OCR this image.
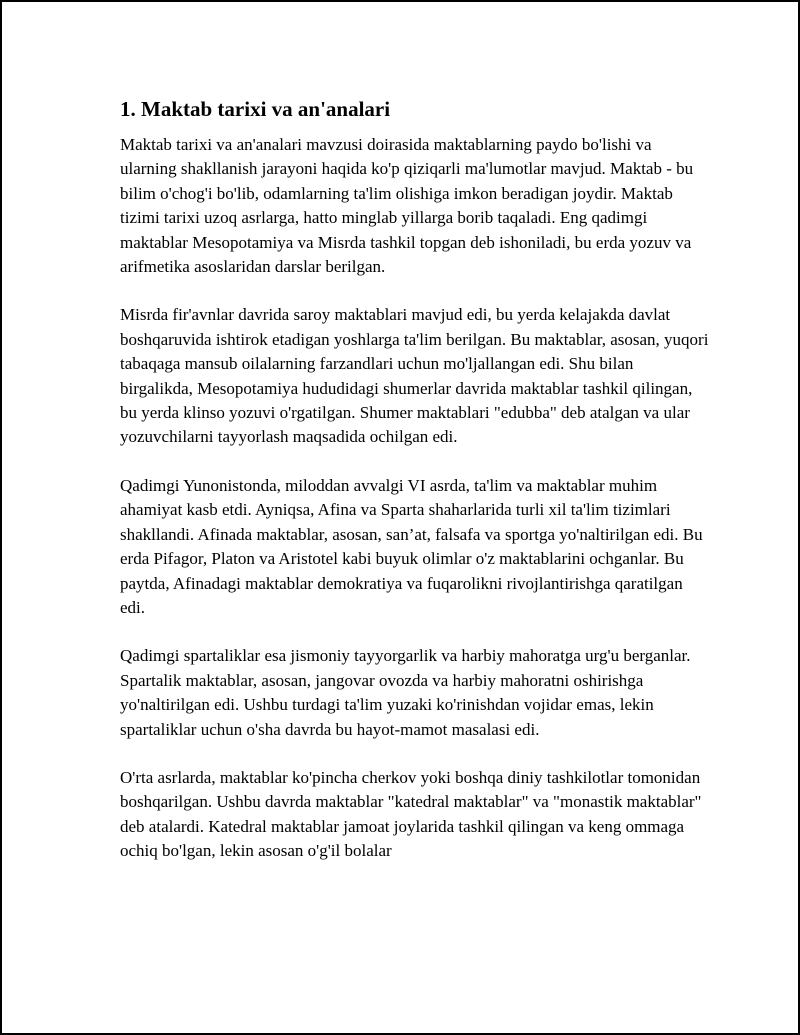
1. Maktab tarixi va an'analari

Maktab tarixi va an'analari mavzusi doirasida maktablarning paydo bo'lishi va ularning shakllanish jarayoni haqida ko'p qiziqarli ma'lumotlar mavjud. Maktab - bu bilim o'chog'i bo'lib, odamlarning ta'lim olishiga imkon beradigan joydir. Maktab tizimi tarixi uzoq asrlarga, hatto minglab yillarga borib taqaladi. Eng qadimgi maktablar Mesopotamiya va Misrda tashkil topgan deb ishoniladi, bu erda yozuv va arifmetika asoslaridan darslar berilgan.

Misrda fir'avnlar davrida saroy maktablari mavjud edi, bu yerda kelajakda davlat boshqaruvida ishtirok etadigan yoshlarga ta'lim berilgan. Bu maktablar, asosan, yuqori tabaqaga mansub oilalarning farzandlari uchun mo'ljallangan edi. Shu bilan birgalikda, Mesopotamiya hududidagi shumerlar davrida maktablar tashkil qilingan, bu yerda klinso yozuvi o'rgatilgan. Shumer maktablari "edubba" deb atalgan va ular yozuvchilarni tayyorlash maqsadida ochilgan edi.

Qadimgi Yunonistonda, miloddan avvalgi VI asrda, ta'lim va maktablar muhim ahamiyat kasb etdi. Ayniqsa, Afina va Sparta shaharlarida turli xil ta'lim tizimlari shakllandi. Afinada maktablar, asosan, san’at, falsafa va sportga yo'naltirilgan edi. Bu erda Pifagor, Platon va Aristotel kabi buyuk olimlar o'z maktablarini ochganlar. Bu paytda, Afinadagi maktablar demokratiya va fuqarolikni rivojlantirishga qaratilgan edi.

Qadimgi spartaliklar esa jismoniy tayyorgarlik va harbiy mahoratga urg'u berganlar. Spartalik maktablar, asosan, jangovar ovozda va harbiy mahoratni oshirishga yo'naltirilgan edi. Ushbu turdagi ta'lim yuzaki ko'rinishdan vojidar emas, lekin spartaliklar uchun o'sha davrda bu hayot-mamot masalasi edi.

O'rta asrlarda, maktablar ko'pincha cherkov yoki boshqa diniy tashkilotlar tomonidan boshqarilgan. Ushbu davrda maktablar "katedral maktablar" va "monastik maktablar" deb atalardi. Katedral maktablar jamoat joylarida tashkil qilingan va keng ommaga ochiq bo'lgan, lekin asosan o'g'il bolalar
